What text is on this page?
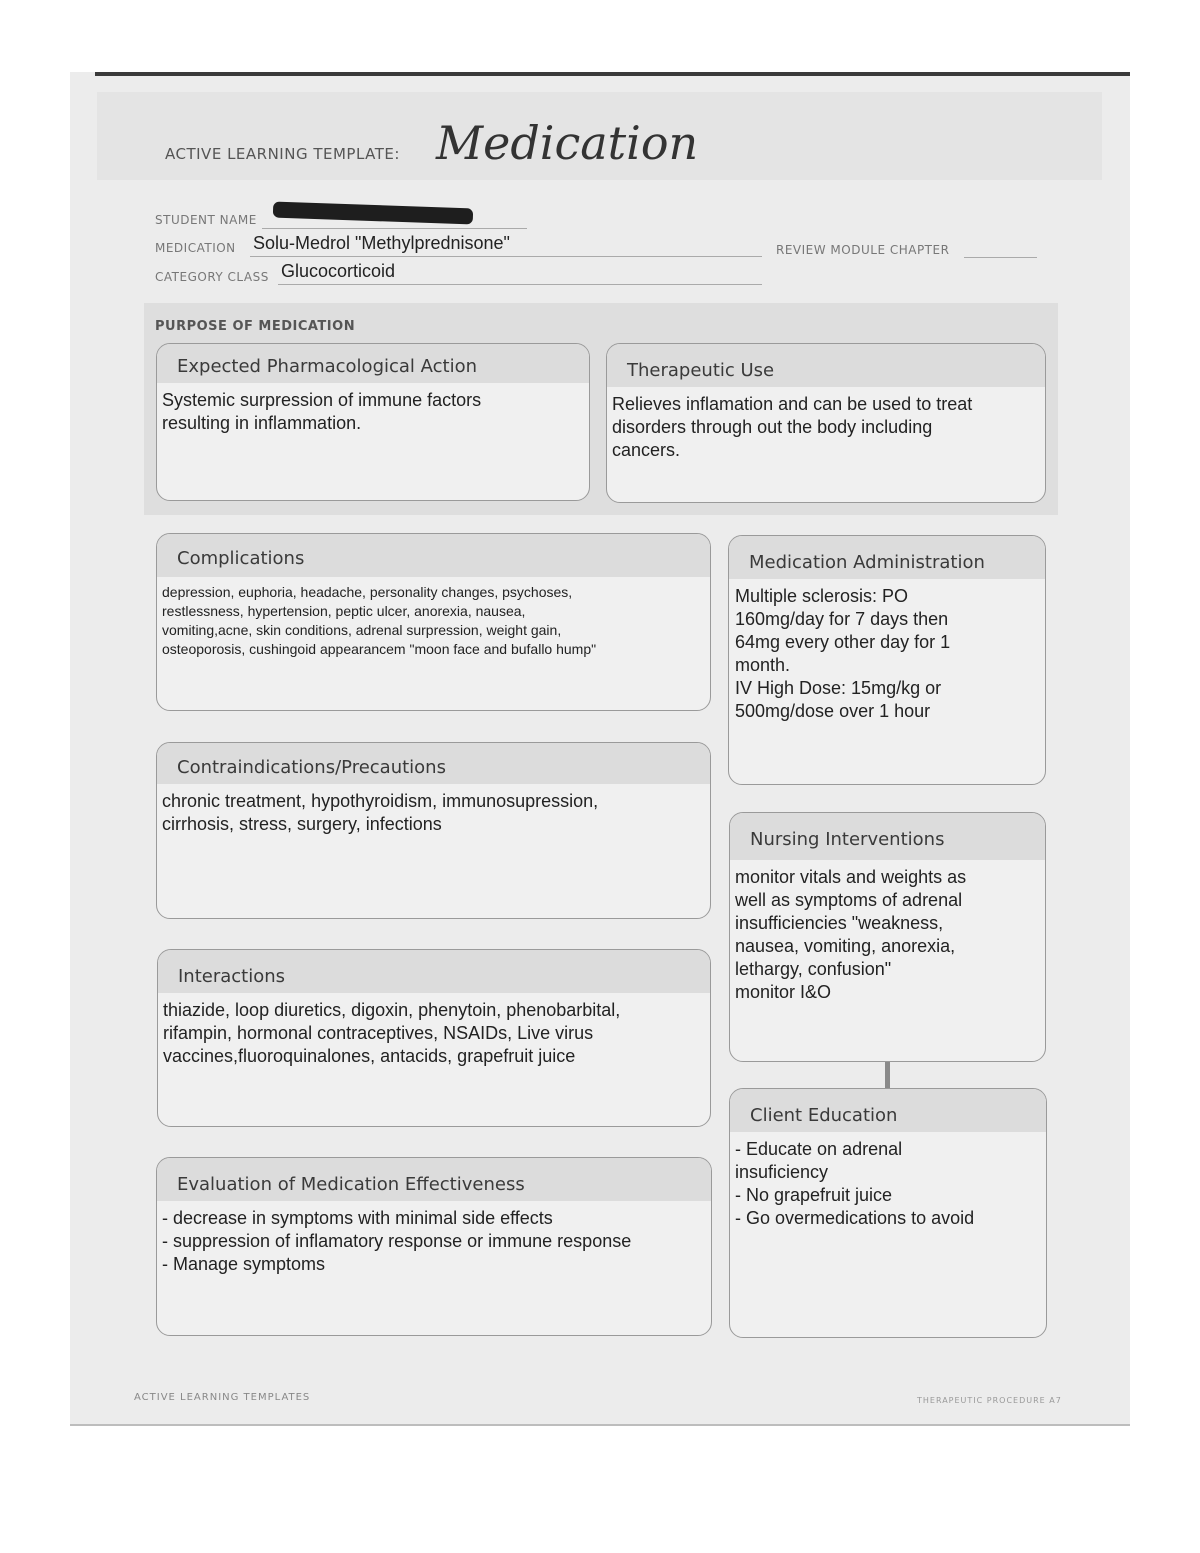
ACTIVE LEARNING TEMPLATE: Medication
STUDENT NAME
MEDICATION Solu-Medrol "Methylprednisone"	REVIEW MODULE CHAPTER
CATEGORY CLASS Glucocorticoid
PURPOSE OF MEDICATION
Expected Pharmacological Action
Systemic surpression of immune factors
resulting in inflammation.
Therapeutic Use
Relieves inflamation and can be used to treat
disorders through out the body including
cancers.
Complications
depression, euphoria, headache, personality changes, psychoses,
restlessness, hypertension, peptic ulcer, anorexia, nausea,
vomiting,acne, skin conditions, adrenal surpression, weight gain,
osteoporosis, cushingoid appearancem "moon face and bufallo hump"
Medication Administration
Multiple sclerosis: PO
160mg/day for 7 days then
64mg every other day for 1
month.
IV High Dose: 15mg/kg or
500mg/dose over 1 hour
Contraindications/Precautions
chronic treatment, hypothyroidism, immunosupression,
cirrhosis, stress, surgery, infections
Nursing Interventions
monitor vitals and weights as
well as symptoms of adrenal
insufficiencies "weakness,
nausea, vomiting, anorexia,
lethargy, confusion"
monitor I&O
Interactions
thiazide, loop diuretics, digoxin, phenytoin, phenobarbital,
rifampin, hormonal contraceptives, NSAIDs, Live virus
vaccines,fluoroquinalones, antacids, grapefruit juice
Client Education
- Educate on adrenal
insuficiency
- No grapefruit juice
- Go overmedications to avoid
Evaluation of Medication Effectiveness
- decrease in symptoms with minimal side effects
- suppression of inflamatory response or immune response
- Manage symptoms
ACTIVE LEARNING TEMPLATES	THERAPEUTIC PROCEDURE A7
